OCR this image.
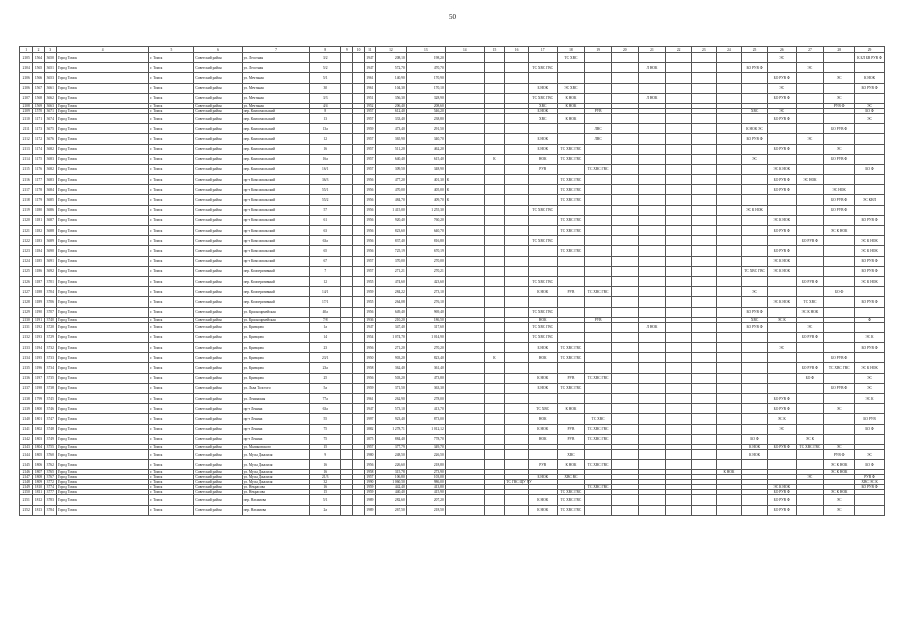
50
1	2	3	4	5	6	7	8	9	10	11	12	13	14	15	16	17	18	19	20	21	22	23	24	25	26	27	28	29
2105	1564	3650	Город Томск	г. Томск	Советский район	ул. Лесотная	3/2			1947	208,10	198,20					ТС ХВС								ЭС			К БЛ БВ РУВ Ф
2104	1565	3651	Город Томск	г. Томск	Советский район	ул. Лесотная	5/2			1947	572,70	470,70				ТС ХВС ГВС				Л НОК				БО РУВ Ф		ЭС		
2106	1566	3653	Город Томск	г. Томск	Советский район	ул. Мечтаная	5/1			1961	140,90	170,90													БО РУВ Ф		ЭС	К НОК
2106	1567	3661	Город Томск	г. Томск	Советский район	ул. Мечтаная	30			1961	104,30	170,10				Б НОК	ЭС ХВС								ЭС			БО РУВ Ф
2107	1568	3662	Город Томск	г. Томск	Советский район	ул. Мечтаная	3/3			1951	356,30	328,90				ТС ХВС ГВС	К НОК			Л НОК					БО РУВ Ф		ЭС	
2108	1569	3663	Город Томск	г. Томск	Советский район	ул. Мечтаная	4/4			1952	206,40	208,60				ХВС	К НОК										РУВ Ф	ЭС
2109	1570	3671	Город Томск	г. Томск	Советский район	пер. Комсомольский	8			1957	612,40	546,20				Б НОК		РУВ						ХВС	ЭС			БО Ф
2110	1171	3674	Город Томск	г. Томск	Советский район	пер. Комсомольский	13			1957	333,40	238,80				ХВС	К НОК								БО РУВ Ф			ЭС
2111	1173	3675	Город Томск	г. Томск	Советский район	пер. Комсомольский	13а			1959	473,40	291,50						ЛВС						К НОК ЭС			БО РУВ Ф	
2112	1172	3676	Город Томск	г. Томск	Советский район	пер. Комсомольский	12			1957	365,90	340,70				Б НОК		ЛВС						БО РУВ Ф		ЭС		
2113	1174	3682	Город Томск	г. Томск	Советский район	пер. Комсомольский	16			1957	511,20	462,20				Б НОК	ТС ХВС ГВС								БО РУВ Ф		ЭС	
2114	1175	3683	Город Томск	г. Томск	Советский район	пер. Комсомольский	16а			1957	640,40	615,40		К		НОК	ТС ХВС ГВС							ЭС			БО РУВ Ф	
2115	1176	3682	Город Томск	г. Томск	Советский район	пер. Комсомольский	16/1			1957	309,50	348,90				РУВ		ТС ХВС ГВС							ЭС К НОК			БО Ф
2116	1177	3683	Город Томск	г. Томск	Советский район	пр-т Комсомольский	36/3			1956	477,20	401,30	К				ТС ХВС ГВС								БО РУВ Ф	ЭС НОК		
2117	1178	3684	Город Томск	г. Томск	Советский район	пр-т Комсомольский	55/1			1956	470,00	405,00	К				ТС ХВС ГВС								БО РУВ Ф		ЭС НОК	
2118	1179	3685	Город Томск	г. Томск	Советский район	пр-т Комсомольский	55/2			1956	484,70	409,70	К				ТС ХВС ГВС										БО РУВ Ф	ЭС КНЛ
2119	1180	3686	Город Томск	г. Томск	Советский район	пр-т Комсомольский	57			1956	1 415,00	1 255,30				ТС ХВС ГВС								ЭС К НОК			БО РУВ Ф	
2120	1181	3687	Город Томск	г. Томск	Советский район	пр-т Комсомольский	61			1956	920,40	760,20					ТС ХВС ГВС								ЭС К НОК			БО РУВ Ф
2121	1182	3688	Город Томск	г. Томск	Советский район	пр-т Комсомольский	63			1956	823,60	640,70					ТС ХВС ГВС								БО РУВ Ф		ЭС К НОК	
2122	1183	3689	Город Томск	г. Томск	Советский район	пр-т Комсомольский	63а			1956	837,40	816,80				ТС ХВС ГВС										БО РУВ Ф		ЭС К НОК
2123	1184	3690	Город Томск	г. Томск	Советский район	пр-т Комсомольский	65			1956	725,19	670,19					ТС ХВС ГВС								БО РУВ Ф			ЭС К НОК
2124	1185	3691	Город Томск	г. Томск	Советский район	пр-т Комсомольский	67			1957	370,00	270,00													ЭС К НОК			БО РУВ Ф
2125	1186	3692	Город Томск	г. Томск	Советский район	пер. Кооперативный	7			1957	271,21	270,21												ТС ХВС ГВС	ЭС К НОК			БО РУВ Ф
2126	1187	3701	Город Томск	г. Томск	Советский район	пер. Кооперативный	12			1955	474,60	423,60				ТС ХВС ГВС										БО РУВ Ф		ЭС К НОК
2127	1188	3704	Город Томск	г. Томск	Советский район	пер. Кооперативный	14/1			1959	284,22	273,10				К НОК	РУВ	ТС ХВС ГВС						ЭС			БО Ф	
2128	1189	3706	Город Томск	г. Томск	Советский район	пер. Кооперативный	17/1			1955	264,08	276,10													ЭС К НОК	ТС ХВС		БО РУВ Ф
2129	1190	3707	Город Томск	г. Томск	Советский район	ул. Красноармейская	40а			1956	649,40	969,40				ТС ХВС ГВС								БО РУВ Ф		ЭС К НОК		
2130	1191	3740	Город Томск	г. Томск	Советский район	ул. Красноармейская	7/8			1936	210,20	186,50				НОК		РУВ						ХВС	ЭС К			Ф
2131	1192	3720	Город Томск	г. Томск	Советский район	ул. Кривцова	1а			1947	347,40	317,60				ТС ХВС ГВС				Л НОК				БО РУВ Ф		ЭС		
2132	1193	3729	Город Томск	г. Томск	Советский район	ул. Кривцова	14			1954	1 074,70	1 014,90				ТС ХВС ГВС										БО РУВ Ф		ЭС К
2133	1194	3732	Город Томск	г. Томск	Советский район	ул. Кривцова	23			1956	271,20	270,20				Б НОК	ТС ХВС ГВС								ЭС			БО РУВ Ф
2134	1195	3733	Город Томск	г. Томск	Советский район	ул. Кривцова	23/1			1950	903,20	823,40		К		НОК	ТС ХВС ГВС										БО РУВ Ф	
2135	1196	3734	Город Томск	г. Томск	Советский район	ул. Кривцова	23а			1958	362,40	361,40														БО РУВ Ф	ТС ХВС ГВС	ЭС К НОК
2136	1197	3735	Город Томск	г. Томск	Советский район	ул. Кривцова	25			1956	503,20	473,80				К НОК	РУВ	ТС ХВС ГВС								БО Ф		ЭС
2137	1198	3738	Город Томск	г. Томск	Советский район	ул. Льва Толстого	5а			1959	371,50	363,30				Б НОК	ТС ХВС ГВС										БО РУВ Ф	ЭС
2138	1799	3745	Город Томск	г. Томск	Советский район	ул. Ленинская	77а			1961	262,90	278,00													БО РУВ Ф			ЭС К
2139	1800	3746	Город Томск	г. Томск	Советский район	пр-т Ленина	63а			1947	573,10	413,70				ТС ХВС	К НОК								БО РУВ Ф		ЭС	
2140	1801	3747	Город Томск	г. Томск	Советский район	пр-т Ленина	55			1997	923,40	873,00				НОК		ТС ХВС							ЭС К			БО РУВ
2141	1802	3748	Город Томск	г. Томск	Советский район	пр-т Ленина	75			1882	1 278,71	1 012,12				К НОК	РУВ	ТС ХВС ГВС							ЭС			БО Ф
2142	1803	3749	Город Томск	г. Томск	Советский район	пр-т Ленина	75			1875	884,40	778,70				НОК	РУВ	ТС ХВС ГВС						БО Ф		ЭС К		
2143	1804	3755	Город Томск	г. Томск	Советский район	ул. Малиновского	15			1957	377,79	349,70												К НОК	БО РУВ Ф	ТС ХВС ГВС	ЭС	
2144	1805	3760	Город Томск	г. Томск	Советский район	ул. Мусы Джалиля	9			1980	248,50	226,50					ХВС							К НОК			РУВ Ф	ЭС
2145	1806	3762	Город Томск	г. Томск	Советский район	ул. Мусы Джалиля	16			1956	226,60	218,80				РУВ	К НОК	ТС ХВС ГВС									ЭС К НОК	БО Ф
2146	1807	3765	Город Томск	г. Томск	Советский район	ул. Мусы Джалиля	16			1958	315,78	273,90											К НОК				ЭС К НОК	
2147	1808	3767	Город Томск	г. Томск	Советский район	ул. Мусы Джалиля	21/3			1957	106,80	103,00				Б НОК	ХВС ВС									ЭС		РУВ Ф
2148	1809	3772	Город Томск	г. Томск	Советский район	ул. Мусы Джалиля	32			1990	1 060,50	986,00			ТС ГВС ЩУ УУ													ХВС ЭС К
2149	1810	3774	Город Томск	г. Томск	Советский район	ул. Некрасова	16			1959	442,40	413,80						ТС ХВС ГВС							ЭС К НОК			БО РУВ Ф
2150	1811	3777	Город Томск	г. Томск	Советский район	ул. Некрасова	15			1959	440,40	415,90					ТС ХВС ГВС								БО РУВ Ф		ЭС К НОК	
2151	1812	3783	Город Томск	г. Томск	Советский район	пер. Нахимова	5/1			1989	282,60	207,20				К НОК	ТС ХВС ГВС								БО РУВ Ф		ЭС	
2152	1813	3784	Город Томск	г. Томск	Советский район	пер. Нахимова	2а			1989	267,50	218,50				К НОК	ТС ХВС ГВС								БО РУВ Ф		ЭС	
